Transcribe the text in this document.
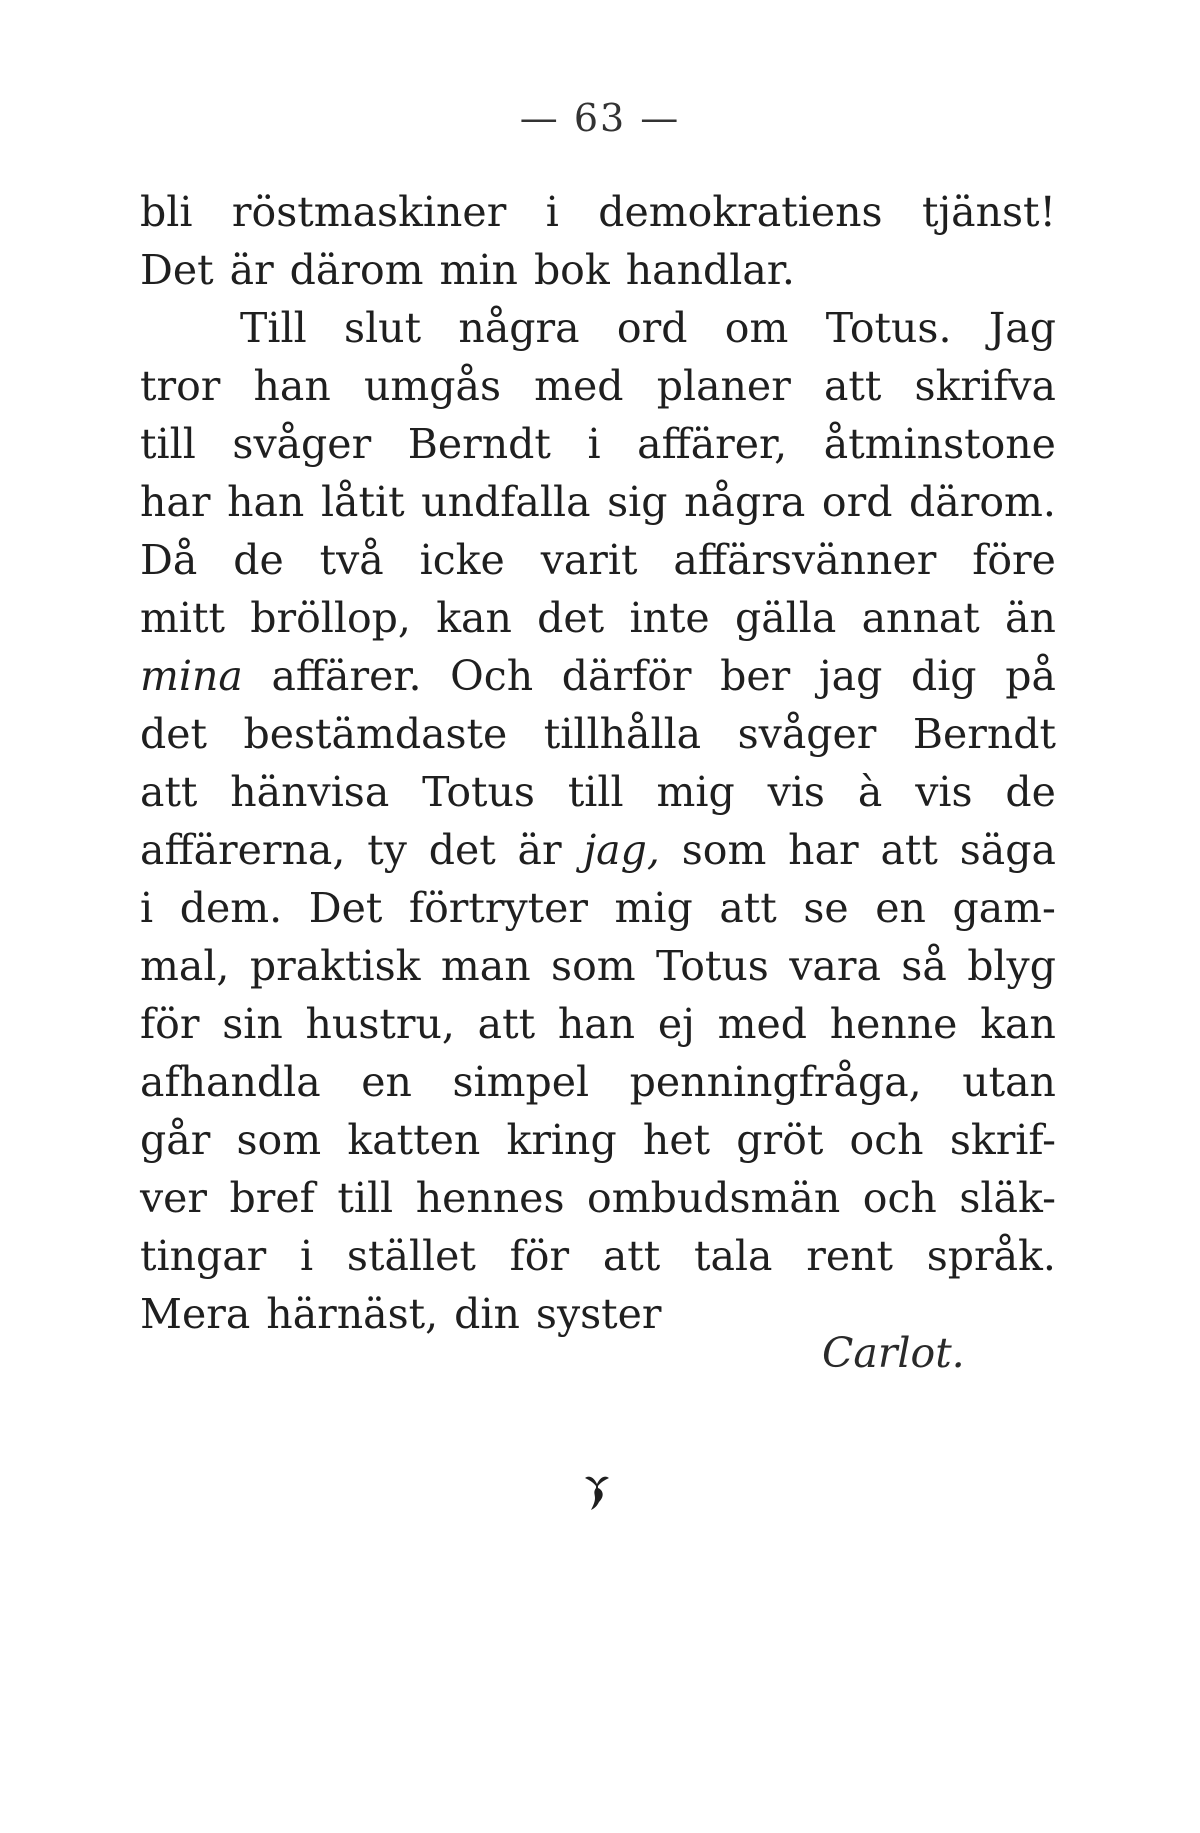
— 63 —
bli röstmaskiner i demokratiens tjänst!
Det är därom min bok handlar.
Till slut några ord om Totus. Jag
tror han umgås med planer att skrifva
till svåger Berndt i affärer, åtminstone
har han låtit undfalla sig några ord därom.
Då de två icke varit affärsvänner före
mitt bröllop, kan det inte gälla annat än
mina affärer. Och därför ber jag dig på
det bestämdaste tillhålla svåger Berndt
att hänvisa Totus till mig vis à vis de
affärerna, ty det är jag, som har att säga
i dem. Det förtryter mig att se en gam-
mal, praktisk man som Totus vara så blyg
för sin hustru, att han ej med henne kan
afhandla en simpel penningfråga, utan
går som katten kring het gröt och skrif-
ver bref till hennes ombudsmän och släk-
tingar i stället för att tala rent språk.
Mera härnäst, din syster
Carlot.
